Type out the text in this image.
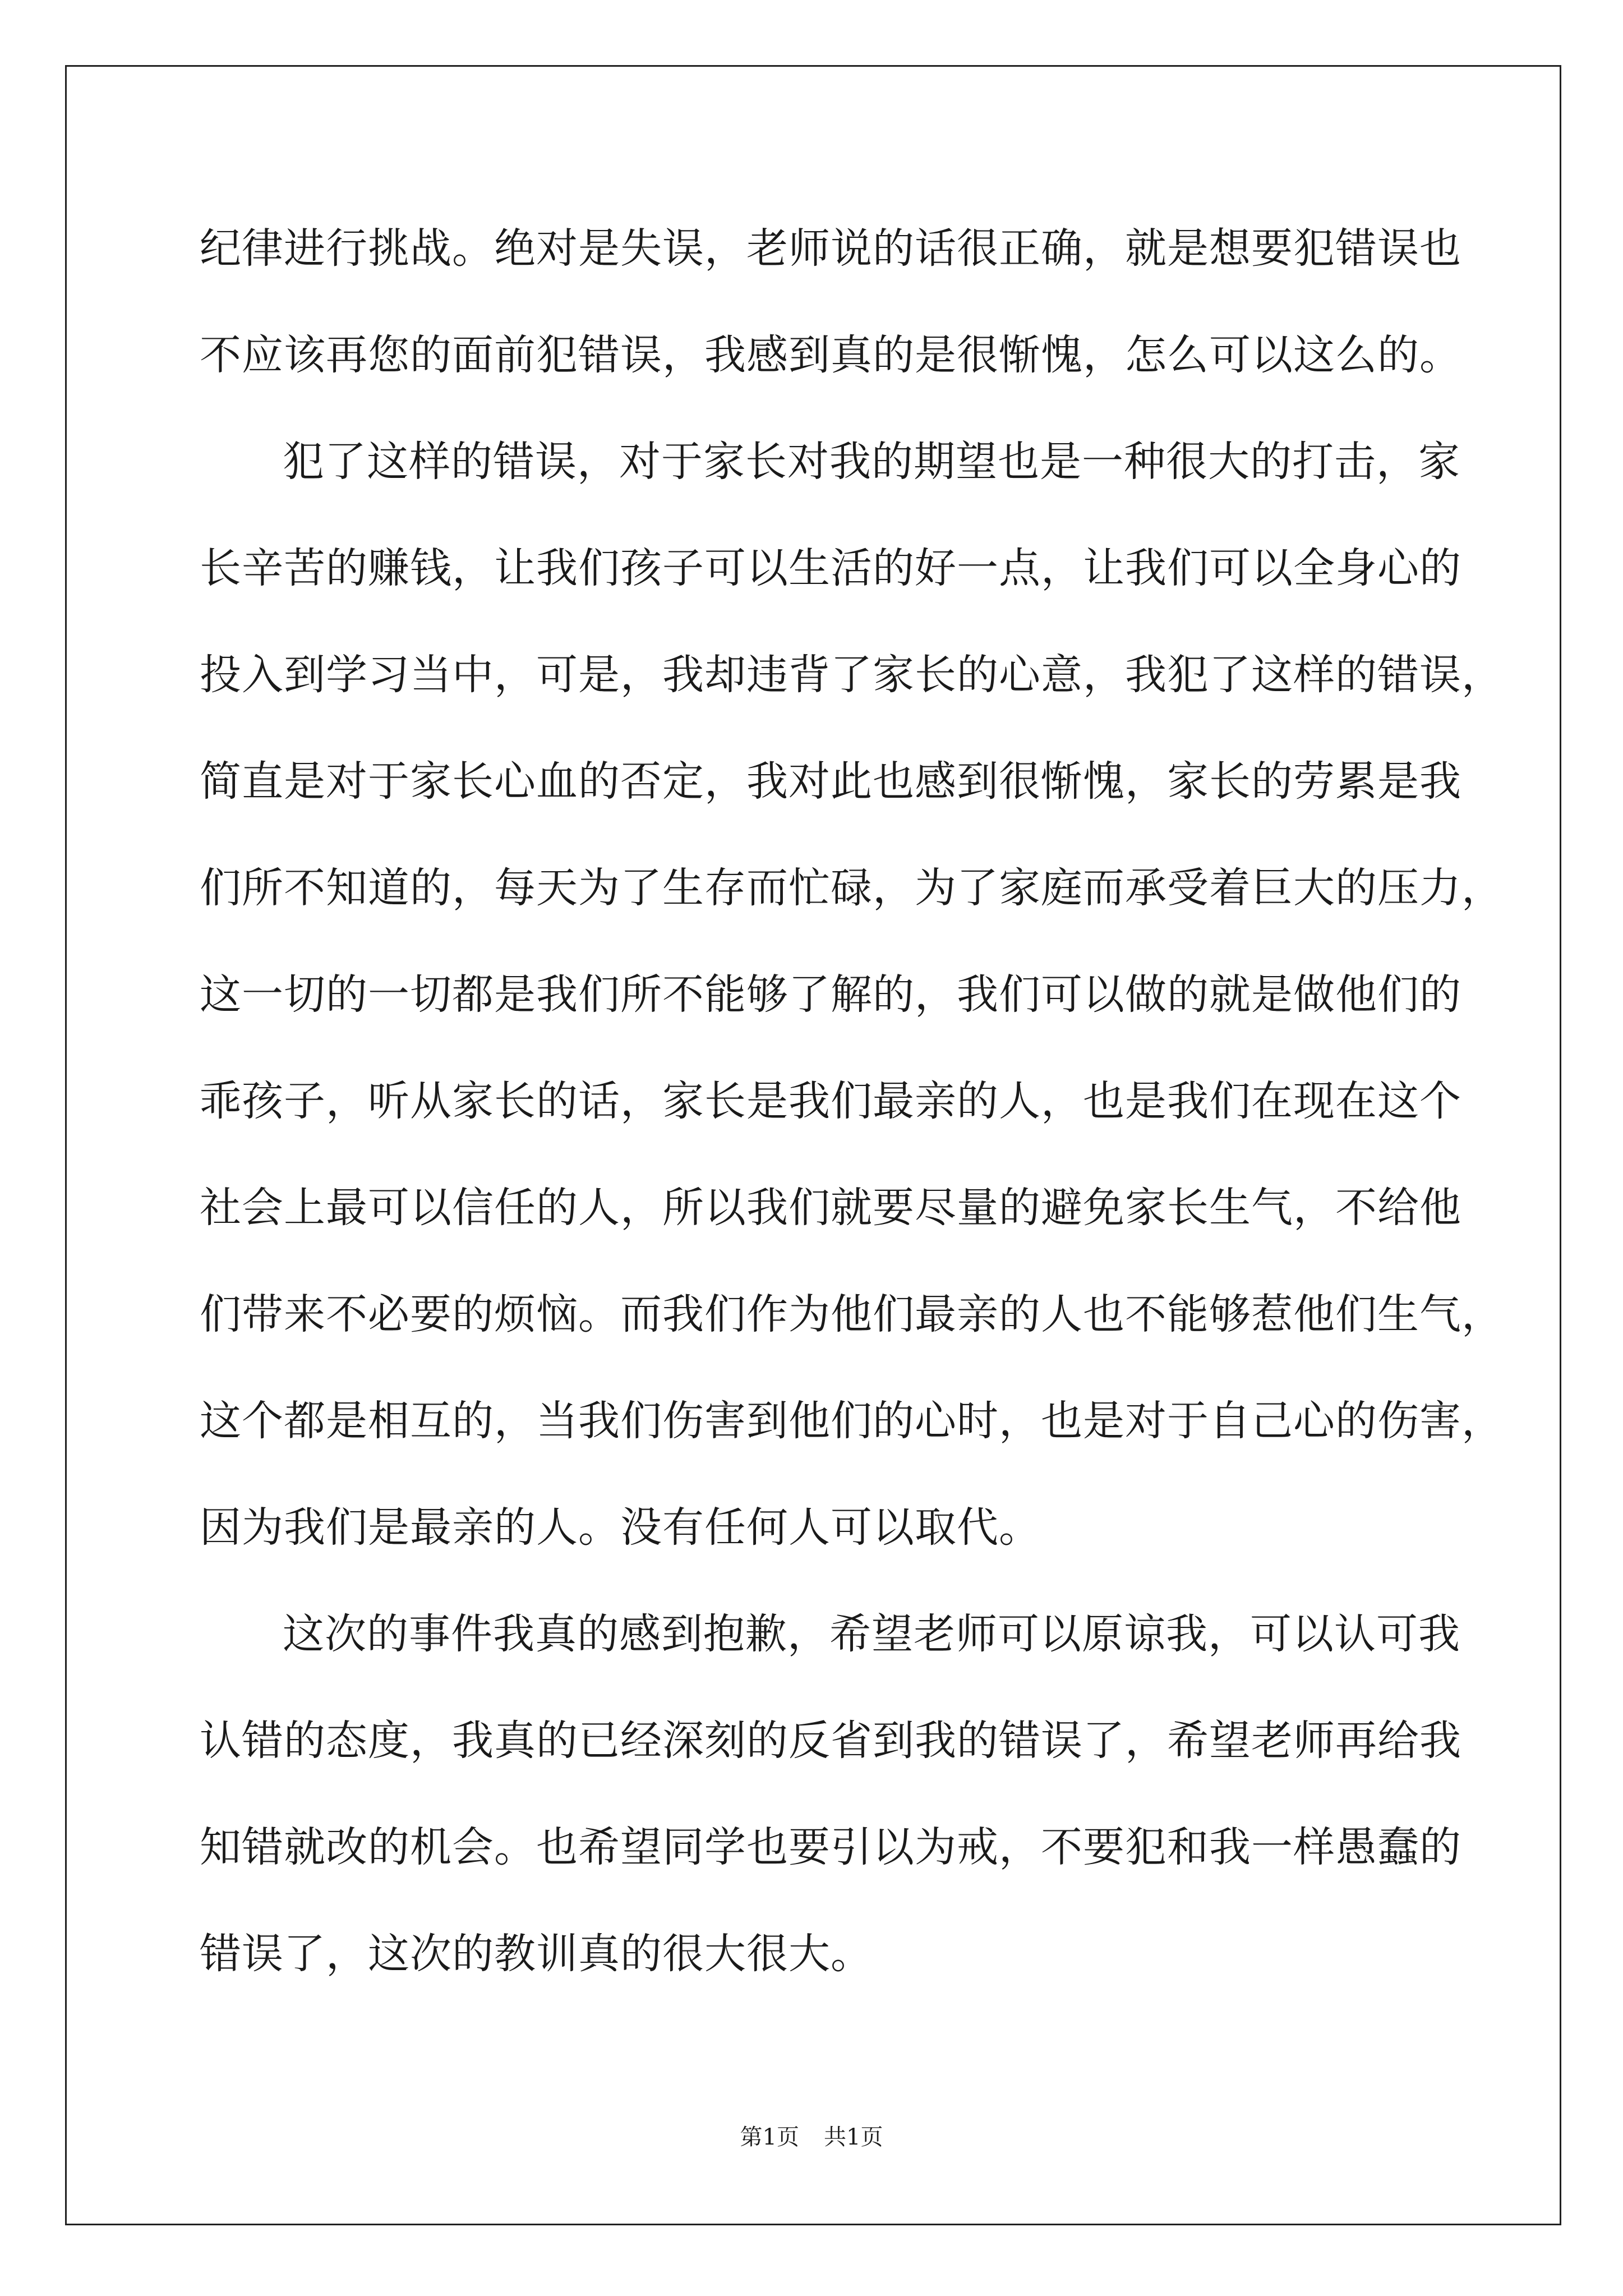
纪律进行挑战。绝对是失误，老师说的话很正确，就是想要犯错误也
不应该再您的面前犯错误，我感到真的是很惭愧，怎么可以这么的。
犯了这样的错误，对于家长对我的期望也是一种很大的打击，家
长辛苦的赚钱，让我们孩子可以生活的好一点，让我们可以全身心的
投入到学习当中，可是，我却违背了家长的心意，我犯了这样的错误，
简直是对于家长心血的否定，我对此也感到很惭愧，家长的劳累是我
们所不知道的，每天为了生存而忙碌，为了家庭而承受着巨大的压力，
这一切的一切都是我们所不能够了解的，我们可以做的就是做他们的
乖孩子，听从家长的话，家长是我们最亲的人，也是我们在现在这个
社会上最可以信任的人，所以我们就要尽量的避免家长生气，不给他
们带来不必要的烦恼。而我们作为他们最亲的人也不能够惹他们生气，
这个都是相互的，当我们伤害到他们的心时，也是对于自己心的伤害，
因为我们是最亲的人。没有任何人可以取代。
这次的事件我真的感到抱歉，希望老师可以原谅我，可以认可我
认错的态度，我真的已经深刻的反省到我的错误了，希望老师再给我
知错就改的机会。也希望同学也要引以为戒，不要犯和我一样愚蠢的
错误了，这次的教训真的很大很大。
第1页 共1页
